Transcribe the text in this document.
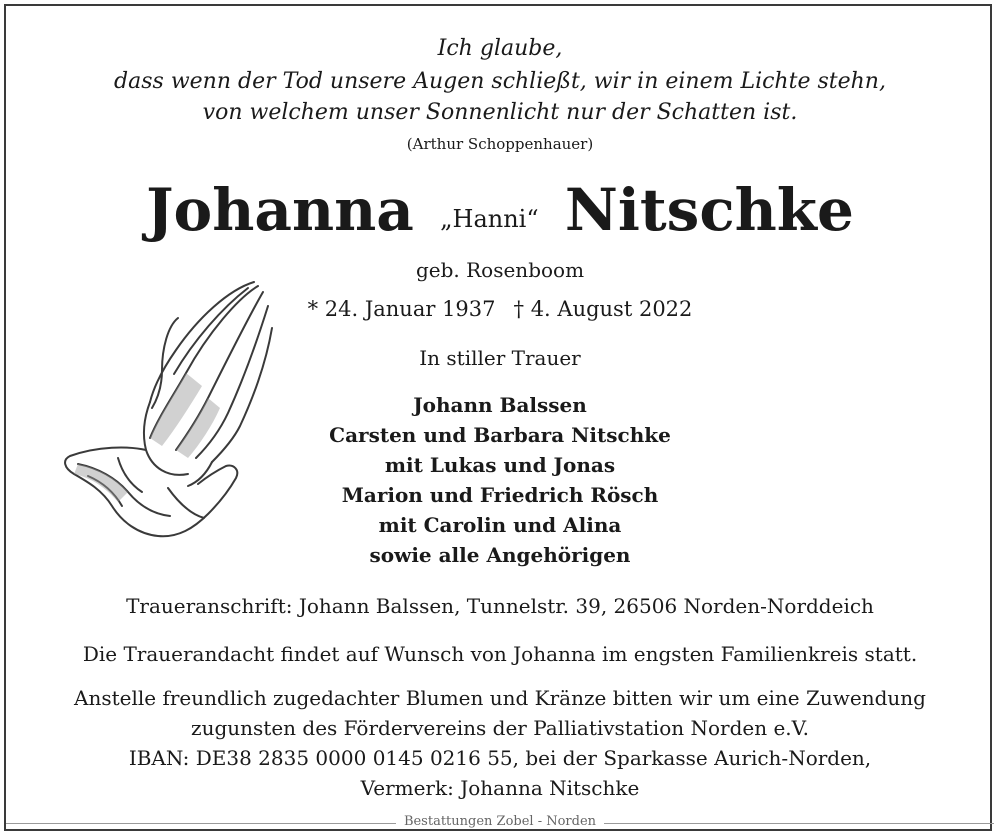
Ich glaube,
dass wenn der Tod unsere Augen schließt, wir in einem Lichte stehn,
von welchem unser Sonnenlicht nur der Schatten ist.
(Arthur Schoppenhauer)
Johanna „Hanni“ Nitschke
geb. Rosenboom
* 24. Januar 1937 † 4. August 2022
In stiller Trauer
Johann Balssen
Carsten und Barbara Nitschke
mit Lukas und Jonas
Marion und Friedrich Rösch
mit Carolin und Alina
sowie alle Angehörigen
Traueranschrift: Johann Balssen, Tunnelstr. 39, 26506 Norden-Norddeich
Die Trauerandacht findet auf Wunsch von Johanna im engsten Familienkreis statt.
Anstelle freundlich zugedachter Blumen und Kränze bitten wir um eine Zuwendung
zugunsten des Fördervereins der Palliativstation Norden e.V.
IBAN: DE38 2835 0000 0145 0216 55, bei der Sparkasse Aurich-Norden,
Vermerk: Johanna Nitschke
Bestattungen Zobel - Norden
